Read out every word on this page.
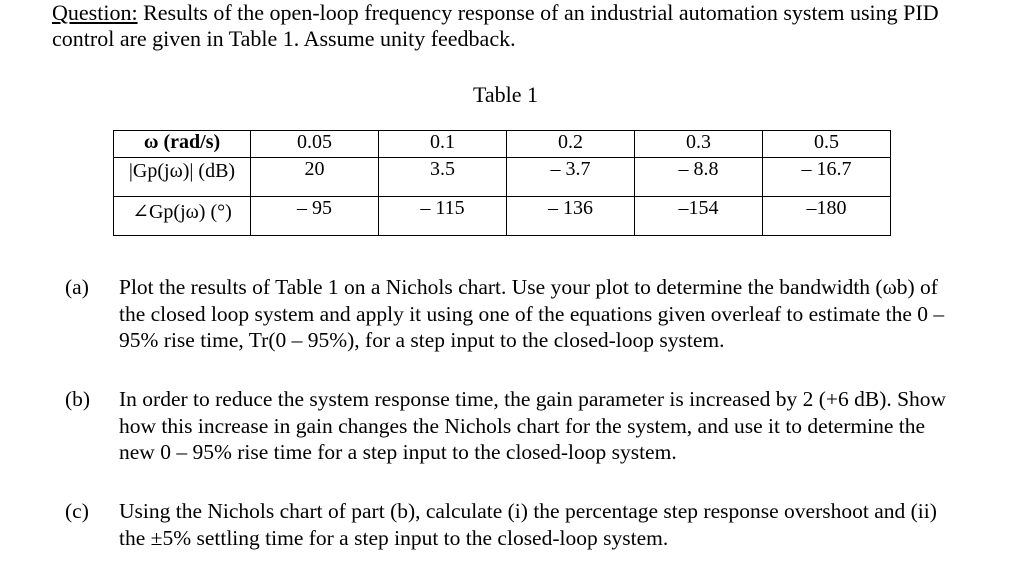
Question: Results of the open-loop frequency response of an industrial automation system using PID control are given in Table 1. Assume unity feedback.
Table 1
ω (rad/s)	0.05	0.1	0.2	0.3	0.5
|Gp(jω)| (dB)	20	3.5	– 3.7	– 8.8	– 16.7
∠Gp(jω) (°)	– 95	– 115	– 136	–154	–180
(a) Plot the results of Table 1 on a Nichols chart. Use your plot to determine the bandwidth (ωb) of the closed loop system and apply it using one of the equations given overleaf to estimate the 0 – 95% rise time, Tr(0 – 95%), for a step input to the closed-loop system.
(b) In order to reduce the system response time, the gain parameter is increased by 2 (+6 dB). Show how this increase in gain changes the Nichols chart for the system, and use it to determine the new 0 – 95% rise time for a step input to the closed-loop system.
(c) Using the Nichols chart of part (b), calculate (i) the percentage step response overshoot and (ii) the ±5% settling time for a step input to the closed-loop system.
